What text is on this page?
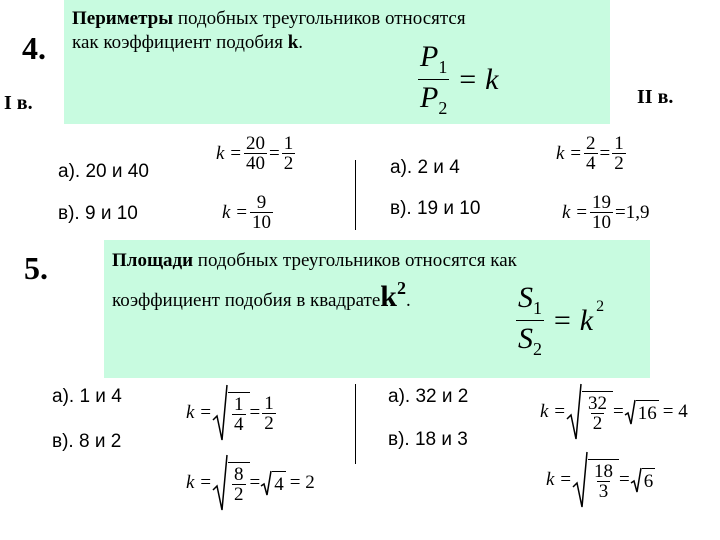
4.
I в.	II в.
Периметры подобных треугольников относятся
как коэффициент подобия k.	$\frac{P_1}{P_2} = k$
а). 20 и 40
в). 9 и 10
$k = \frac{20}{40} = \frac{1}{2}$
$k = \frac{9}{10}$
а). 2 и 4
в). 19 и 10
$k = \frac{2}{4} = \frac{1}{2}$
$k = \frac{19}{10} =1,9$
5.	Площади подобных треугольников относятся как
коэффициент подобия в квадрате $k^2$
.	$\frac{S_1}{S_2} = k^2$
а). 1 и 4
в). 8 и 2
$k = \frac{1}{4} = \frac{1}{2}$
$k = \frac{8}{2} = 4 = 2$
а). 32 и 2
в). 18 и 3
$k = \frac{32}{2} = 16 = 4$
$k = \frac{18}{3} = 6$
